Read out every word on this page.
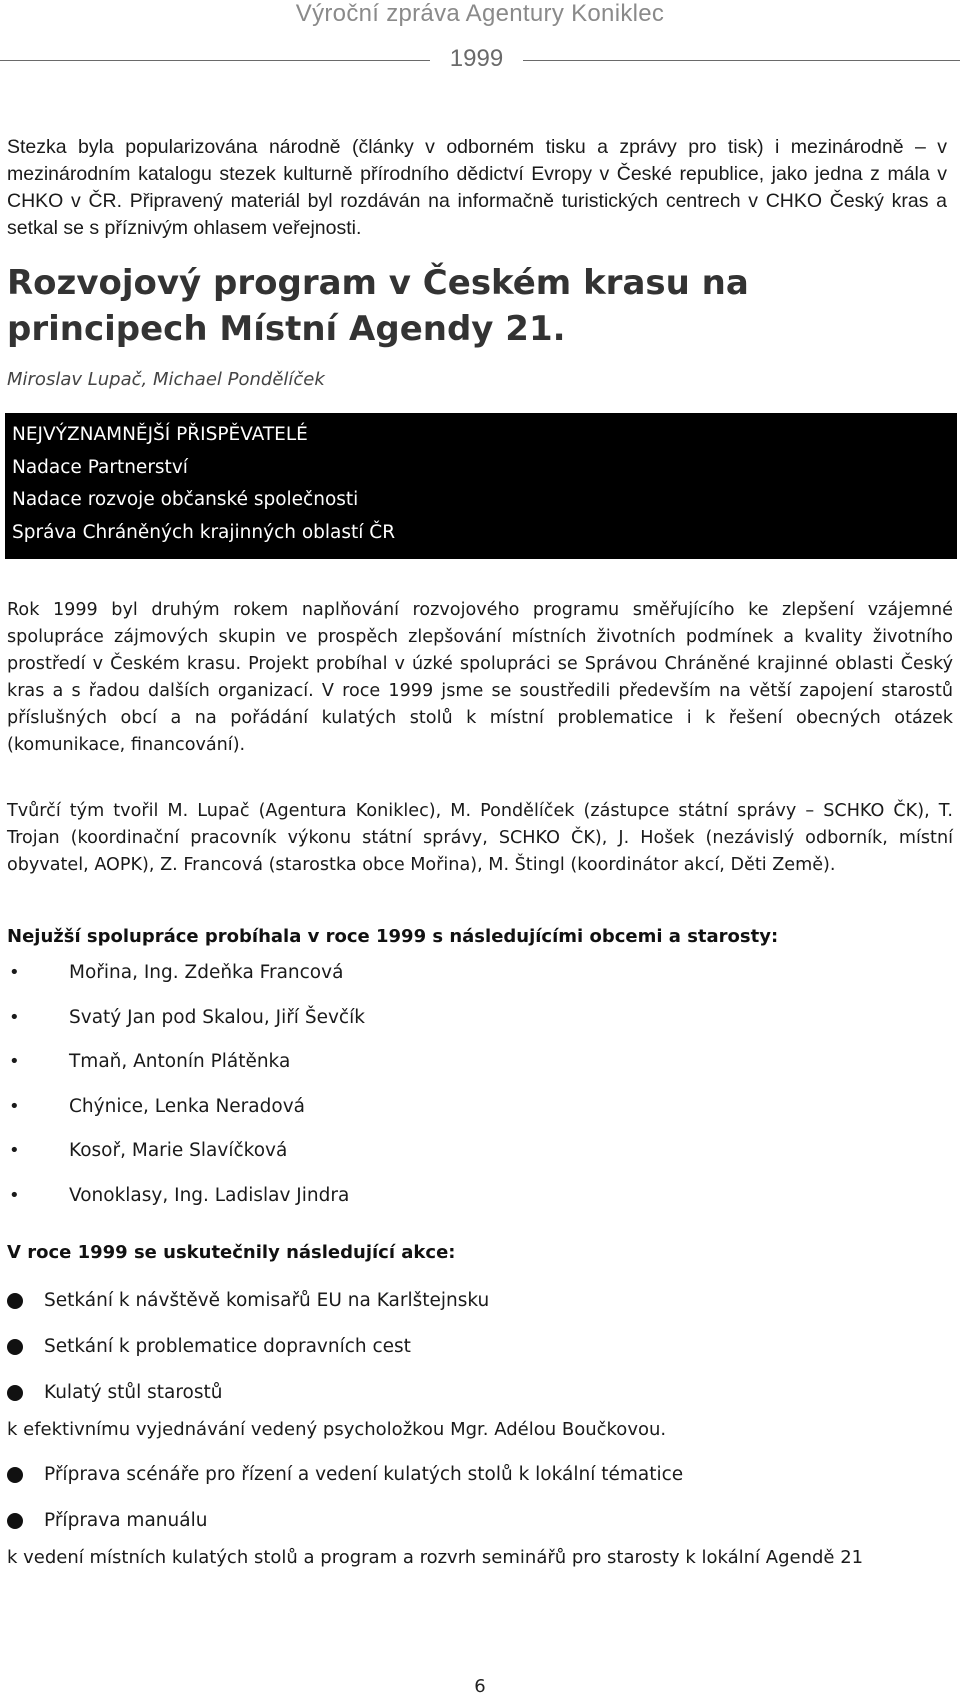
Výroční zpráva Agentury Koniklec
1999

Stezka byla popularizována národně (články v odborném tisku a zprávy pro tisk) i mezinárodně – v mezinárodním katalogu stezek kulturně přírodního dědictví Evropy v České republice, jako jedna z mála v CHKO v ČR. Připravený materiál byl rozdáván na informačně turistických centrech v CHKO Český kras a setkal se s příznivým ohlasem veřejnosti.

Rozvojový program v Českém krasu na principech Místní Agendy 21.
Miroslav Lupač, Michael Pondělíček
NEJVÝZNAMNĚJŠÍ PŘISPĚVATELÉ
Nadace Partnerství
Nadace rozvoje občanské společnosti
Správa Chráněných krajinných oblastí ČR

Rok 1999 byl druhým rokem naplňování rozvojového programu směřujícího ke zlepšení vzájemné spolupráce zájmových skupin ve prospěch zlepšování místních životních podmínek a kvality životního prostředí v Českém krasu. Projekt probíhal v úzké spolupráci se Správou Chráněné krajinné oblasti Český kras a s řadou dalších organizací. V roce 1999 jsme se soustředili především na větší zapojení starostů příslušných obcí a na pořádání kulatých stolů k místní problematice i k řešení obecných otázek (komunikace, financování).

Tvůrčí tým tvořil M. Lupač (Agentura Koniklec), M. Pondělíček (zástupce státní správy – SCHKO ČK), T. Trojan (koordinační pracovník výkonu státní správy, SCHKO ČK), J. Hošek (nezávislý odborník, místní obyvatel, AOPK), Z. Francová (starostka obce Mořina), M. Štingl (koordinátor akcí, Děti Země).

Nejužší spolupráce probíhala v roce 1999 s následujícími obcemi a starosty:
•	Mořina, Ing. Zdeňka Francová
•	Svatý Jan pod Skalou, Jiří Ševčík
•	Tmaň, Antonín Plátěnka
•	Chýnice, Lenka Neradová
•	Kosoř, Marie Slavíčková
•	Vonoklasy, Ing. Ladislav Jindra
V roce 1999 se uskutečnily následující akce:
Setkání k návštěvě komisařů EU na Karlštejnsku
Setkání k problematice dopravních cest
Kulatý stůl starostů

k efektivnímu vyjednávání vedený psycholožkou Mgr. Adélou Boučkovou.

Příprava scénáře pro řízení a vedení kulatých stolů k lokální tématice
Příprava manuálu

k vedení místních kulatých stolů a program a rozvrh seminářů pro starosty k lokální Agendě 21

6
